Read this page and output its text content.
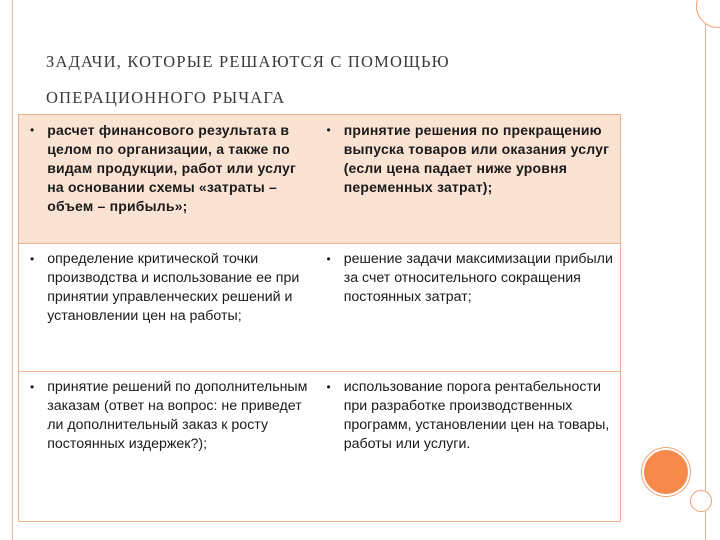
ЗАДАЧИ, КОТОРЫЕ РЕШАЮТСЯ С ПОМОЩЬЮ
ОПЕРАЦИОННОГО РЫЧАГА
•	расчет финансового результата в целом по организации, а также по видам продукции, работ или услуг на основании схемы «затраты – объем – прибыль»;	•	принятие решения по прекращению выпуска товаров или оказания услуг (если цена падает ниже уровня переменных затрат);
•	определение критической точки производства и использование ее при принятии управленческих решений и установлении цен на работы;	•	решение задачи максимизации прибыли за счет относительного сокращения постоянных затрат;
•	принятие решений по дополнительным заказам (ответ на вопрос: не приведет ли дополнительный заказ к росту постоянных издержек?);	•	использование порога рентабельности при разработке производственных программ, установлении цен на товары, работы или услуги.
